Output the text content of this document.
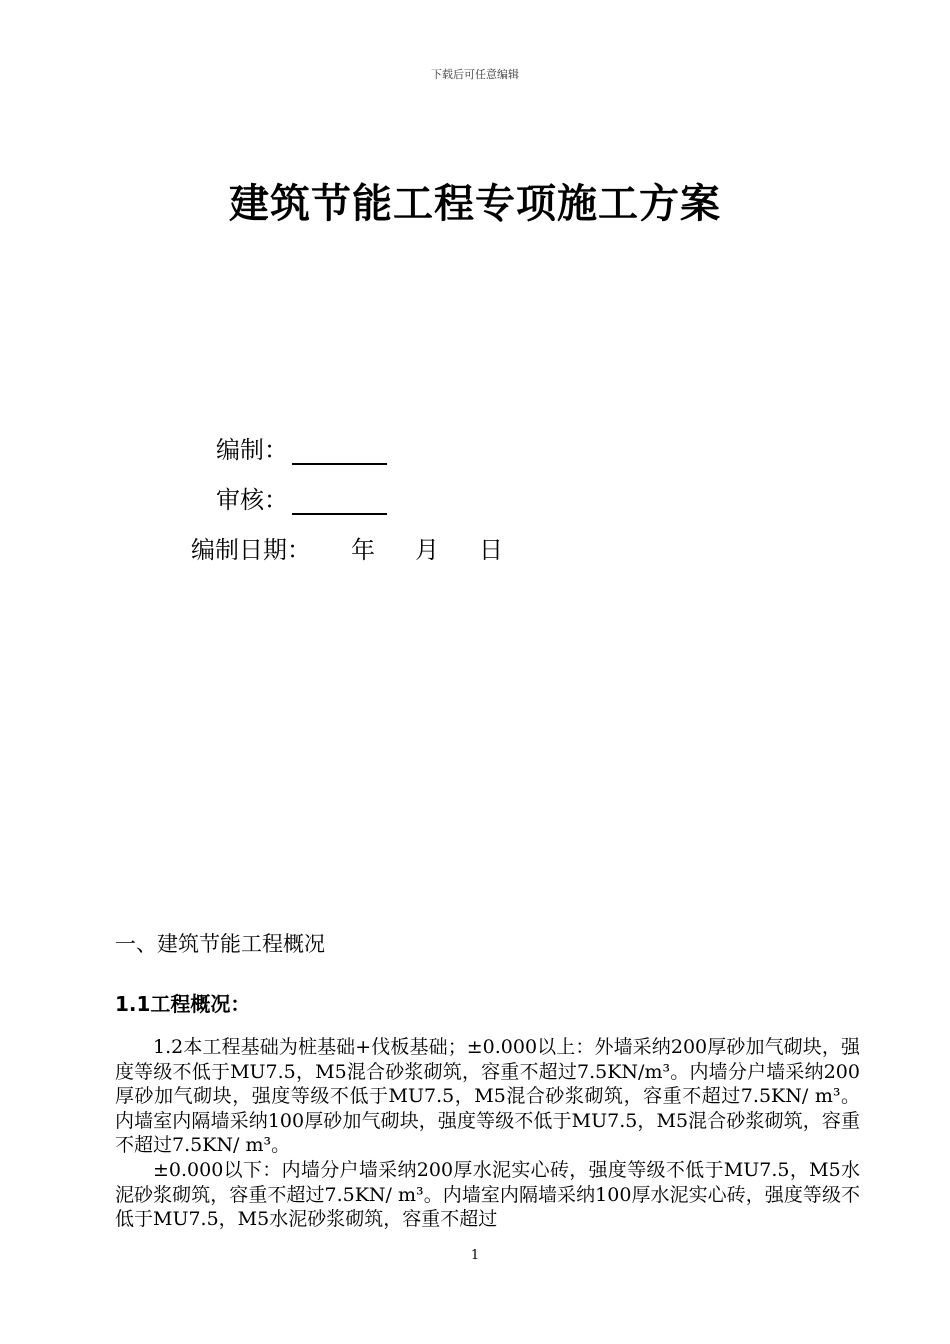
下载后可任意编辑
建筑节能工程专项施工方案
编制：
审核：
编制日期： 年 月 日
一、建筑节能工程概况
1.1工程概况：
1.2本工程基础为桩基础+伐板基础；±0.000以上：外墙采纳200厚砂加气砌块，强度等级不低于MU7.5，M5混合砂浆砌筑，容重不超过7.5KN/m³。内墙分户墙采纳200厚砂加气砌块，强度等级不低于MU7.5，M5混合砂浆砌筑，容重不超过7.5KN/ m³。内墙室内隔墙采纳100厚砂加气砌块，强度等级不低于MU7.5，M5混合砂浆砌筑，容重不超过7.5KN/ m³。
±0.000以下：内墙分户墙采纳200厚水泥实心砖，强度等级不低于MU7.5，M5水泥砂浆砌筑，容重不超过7.5KN/ m³。内墙室内隔墙采纳100厚水泥实心砖，强度等级不低于MU7.5，M5水泥砂浆砌筑，容重不超过
1
